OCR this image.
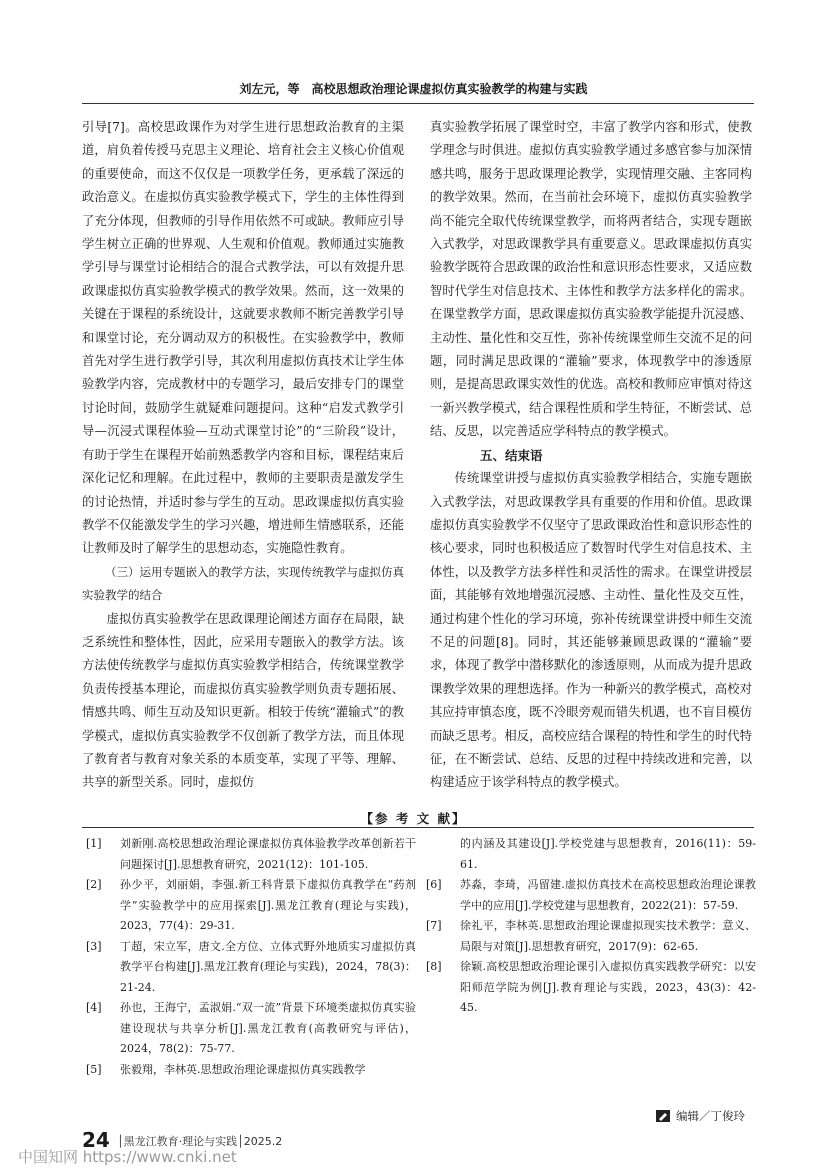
刘左元，等　高校思想政治理论课虚拟仿真实验教学的构建与实践

引导[7]。高校思政课作为对学生进行思想政治教育的主渠道，肩负着传授马克思主义理论、培育社会主义核心价值观的重要使命，而这不仅仅是一项教学任务，更承载了深远的政治意义。在虚拟仿真实验教学模式下，学生的主体性得到了充分体现，但教师的引导作用依然不可或缺。教师应引导学生树立正确的世界观、人生观和价值观。教师通过实施教学引导与课堂讨论相结合的混合式教学法，可以有效提升思政课虚拟仿真实验教学模式的教学效果。然而，这一效果的关键在于课程的系统设计，这就要求教师不断完善教学引导和课堂讨论，充分调动双方的积极性。在实验教学中，教师首先对学生进行教学引导，其次利用虚拟仿真技术让学生体验教学内容，完成教材中的专题学习，最后安排专门的课堂讨论时间，鼓励学生就疑难问题提问。这种“启发式教学引导—沉浸式课程体验—互动式课堂讨论”的“三阶段”设计，有助于学生在课程开始前熟悉教学内容和目标，课程结束后深化记忆和理解。在此过程中，教师的主要职责是激发学生的讨论热情，并适时参与学生的互动。思政课虚拟仿真实验教学不仅能激发学生的学习兴趣，增进师生情感联系，还能让教师及时了解学生的思想动态，实施隐性教育。

（三）运用专题嵌入的教学方法，实现传统教学与虚拟仿真实验教学的结合

虚拟仿真实验教学在思政课理论阐述方面存在局限，缺乏系统性和整体性，因此，应采用专题嵌入的教学方法。该方法使传统教学与虚拟仿真实验教学相结合，传统课堂教学负责传授基本理论，而虚拟仿真实验教学则负责专题拓展、情感共鸣、师生互动及知识更新。相较于传统“灌输式”的教学模式，虚拟仿真实验教学不仅创新了教学方法，而且体现了教育者与教育对象关系的本质变革，实现了平等、理解、共享的新型关系。同时，虚拟仿

真实验教学拓展了课堂时空，丰富了教学内容和形式，使教学理念与时俱进。虚拟仿真实验教学通过多感官参与加深情感共鸣，服务于思政课理论教学，实现情理交融、主客同构的教学效果。然而，在当前社会环境下，虚拟仿真实验教学尚不能完全取代传统课堂教学，而将两者结合，实现专题嵌入式教学，对思政课教学具有重要意义。思政课虚拟仿真实验教学既符合思政课的政治性和意识形态性要求，又适应数智时代学生对信息技术、主体性和教学方法多样化的需求。在课堂教学方面，思政课虚拟仿真实验教学能提升沉浸感、主动性、量化性和交互性，弥补传统课堂师生交流不足的问题，同时满足思政课的“灌输”要求，体现教学中的渗透原则，是提高思政课实效性的优选。高校和教师应审慎对待这一新兴教学模式，结合课程性质和学生特征，不断尝试、总结、反思，以完善适应学科特点的教学模式。

五、结束语

传统课堂讲授与虚拟仿真实验教学相结合，实施专题嵌入式教学法，对思政课教学具有重要的作用和价值。思政课虚拟仿真实验教学不仅坚守了思政课政治性和意识形态性的核心要求，同时也积极适应了数智时代学生对信息技术、主体性，以及教学方法多样性和灵活性的需求。在课堂讲授层面，其能够有效地增强沉浸感、主动性、量化性及交互性，通过构建个性化的学习环境，弥补传统课堂讲授中师生交流不足的问题[8]。同时，其还能够兼顾思政课的“灌输”要求，体现了教学中潜移默化的渗透原则，从而成为提升思政课教学效果的理想选择。作为一种新兴的教学模式，高校对其应持审慎态度，既不冷眼旁观而错失机遇，也不盲目模仿而缺乏思考。相反，高校应结合课程的特性和学生的时代特征，在不断尝试、总结、反思的过程中持续改进和完善，以构建适应于该学科特点的教学模式。

【参 考 文 献】
[1]	刘新刚.高校思想政治理论课虚拟仿真体验教学改革创新若干问题探讨[J].思想教育研究，2021(12)：101-105.
[2]	孙少平，刘丽娟，李强.新工科背景下虚拟仿真教学在“药剂学”实验教学中的应用探索[J].黑龙江教育(理论与实践)，2023，77(4)：29-31.
[3]	丁超，宋立军，唐文.全方位、立体式野外地质实习虚拟仿真教学平台构建[J].黑龙江教育(理论与实践)，2024，78(3)：21-24.
[4]	孙也，王海宁，孟淑娟.“双一流”背景下环境类虚拟仿真实验建设现状与共享分析[J].黑龙江教育(高教研究与评估)，2024，78(2)：75-77.
[5]	张毅翔，李林英.思想政治理论课虚拟仿真实践教学
的内涵及其建设[J].学校党建与思想教育，2016(11)：59-61.
[6]	苏淼，李琦，冯留建.虚拟仿真技术在高校思想政治理论课教学中的应用[J].学校党建与思想教育，2022(21)：57-59.
[7]	徐礼平，李林英.思想政治理论课虚拟现实技术教学：意义、局限与对策[J].思想教育研究，2017(9)：62-65.
[8]	徐颖.高校思想政治理论课引入虚拟仿真实践教学研究：以安阳师范学院为例[J].教育理论与实践，2023，43(3)：42-45.
编辑／丁俊玲
24 │黑龙江教育·理论与实践│2025.2
中国知网 https://www.cnki.net
